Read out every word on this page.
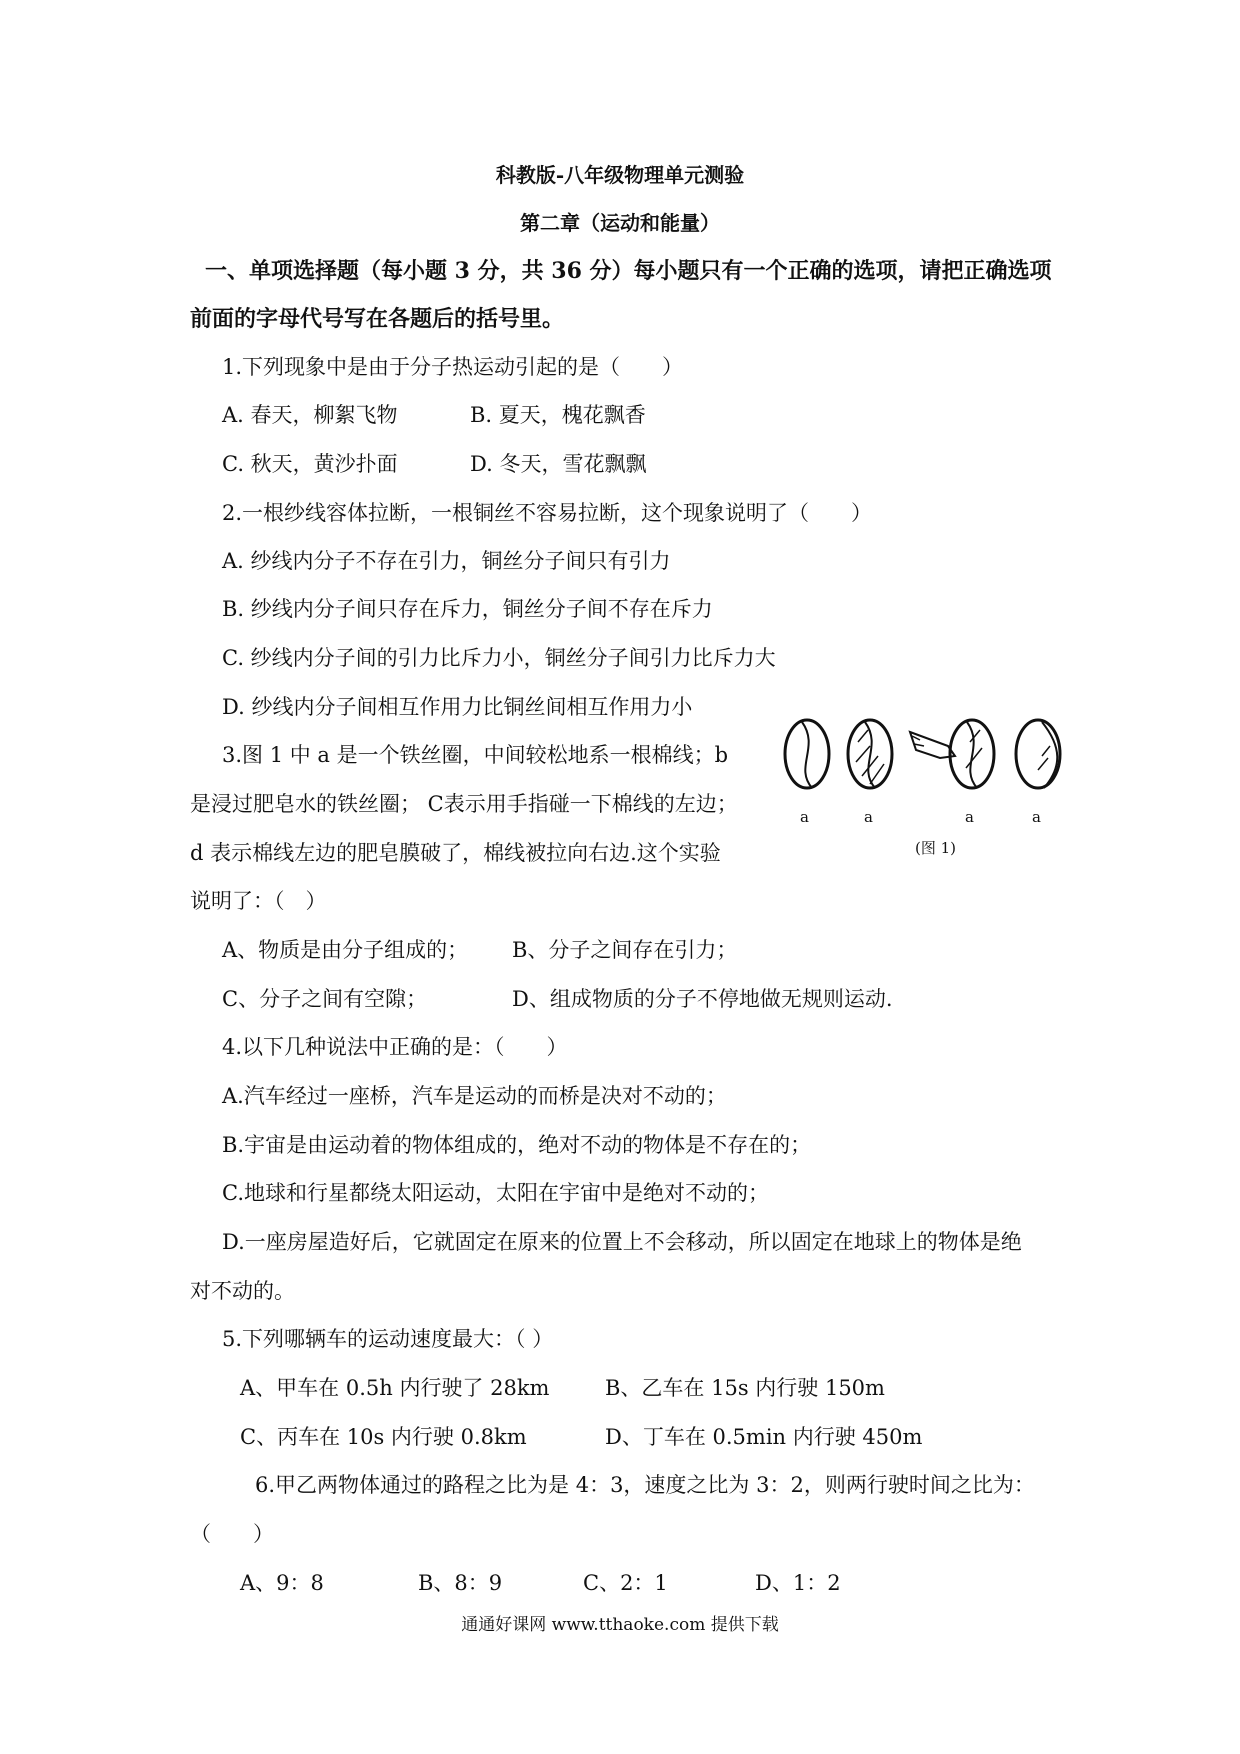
科教版-八年级物理单元测验
第二章（运动和能量）
一、单项选择题（每小题 3 分，共 36 分）每小题只有一个正确的选项，请把正确选项
前面的字母代号写在各题后的括号里。
1.下列现象中是由于分子热运动引起的是（　　）
A. 春天，柳絮飞物	B. 夏天，槐花飘香
C. 秋天，黄沙扑面	D. 冬天，雪花飘飘
2.一根纱线容体拉断，一根铜丝不容易拉断，这个现象说明了（　　）
A. 纱线内分子不存在引力，铜丝分子间只有引力
B. 纱线内分子间只存在斥力，铜丝分子间不存在斥力
C. 纱线内分子间的引力比斥力小，铜丝分子间引力比斥力大
D. 纱线内分子间相互作用力比铜丝间相互作用力小
3.图 1 中 a 是一个铁丝圈，中间较松地系一根棉线；b
是浸过肥皂水的铁丝圈； C表示用手指碰一下棉线的左边；
d 表示棉线左边的肥皂膜破了，棉线被拉向右边.这个实验
说明了：（　）
A、物质是由分子组成的； B、分子之间存在引力；
C、分子之间有空隙；	D、组成物质的分子不停地做无规则运动.
a	a	a	a
(图 1)
4.以下几种说法中正确的是：（　　）
A.汽车经过一座桥，汽车是运动的而桥是决对不动的；
B.宇宙是由运动着的物体组成的，绝对不动的物体是不存在的；
C.地球和行星都绕太阳运动，太阳在宇宙中是绝对不动的；
D.一座房屋造好后，它就固定在原来的位置上不会移动，所以固定在地球上的物体是绝
对不动的。
5.下列哪辆车的运动速度最大：（ ）
A、甲车在 0.5h 内行驶了 28km	B、乙车在 15s 内行驶 150m
C、丙车在 10s 内行驶 0.8km	D、丁车在 0.5min 内行驶 450m
6.甲乙两物体通过的路程之比为是 4：3，速度之比为 3：2，则两行驶时间之比为：
（　　）
A、9：8	B、8：9	C、2：1	D、1：2
通通好课网 www.tthaoke.com 提供下载
